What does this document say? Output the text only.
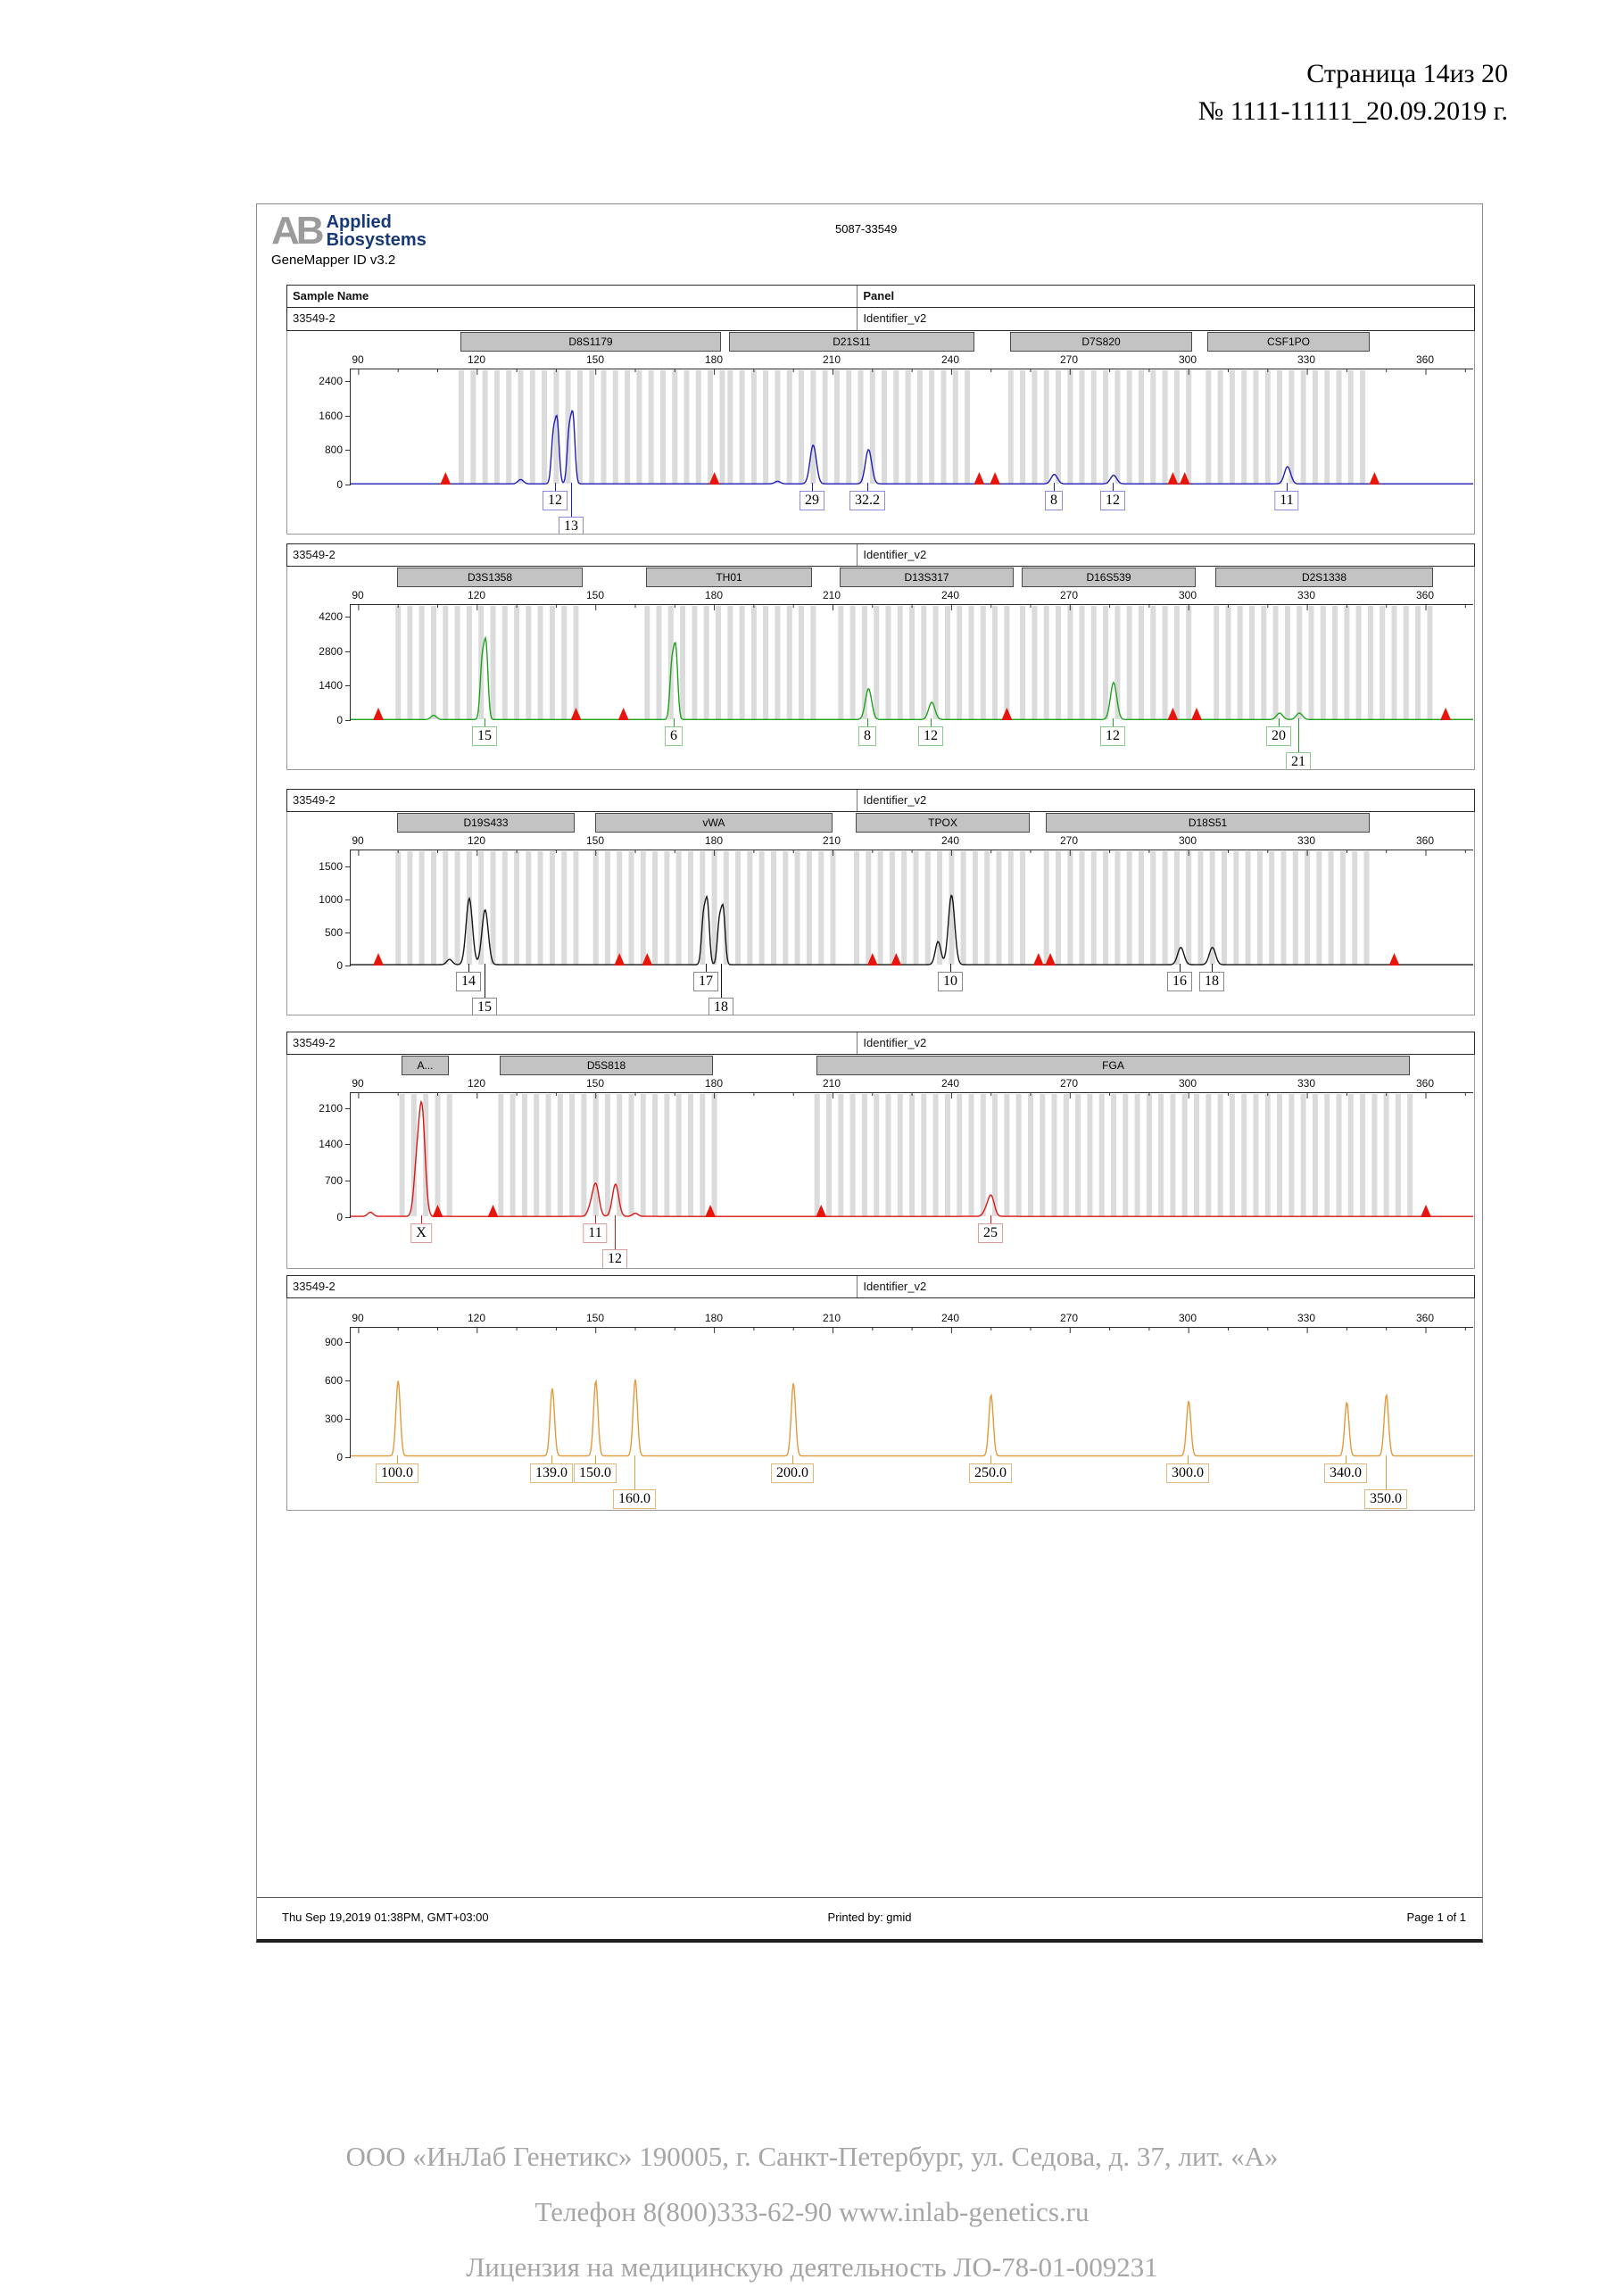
Страница 14из 20
№ 1111-11111_20.09.2019 г.
AB Applied
Biosystems
GeneMapper ID v3.2
5087-33549
Sample Name	Panel
33549-2	Identifier_v2
D8S1179	D21S11	D7S820	CSF1PO
90	120	150	180	210	240	270	300	330	360
0
800
1600
2400
12
13
29	32.2	8	12	11
33549-2	Identifier_v2
D3S1358	TH01	D13S317	D16S539	D2S1338
90	120	150	180	210	240	270	300	330	360
0
1400
2800
4200
15	6	8	12	12	20
21
33549-2	Identifier_v2
D19S433	vWA	TPOX	D18S51
90	120	150	180	210	240	270	300	330	360
0
500
1000
1500
14
15
17
18
10	16	18
33549-2	Identifier_v2
A...	D5S818	FGA
90	120	150	180	210	240	270	300	330	360
0
700
1400
2100
X	11
12
25
33549-2	Identifier_v2
90	120	150	180	210	240	270	300	330	360
0
300
600
900
100.0	139.0 150.0
160.0
200.0	250.0	300.0	340.0
350.0
Thu Sep 19,2019 01:38PM, GMT+03:00	Printed by: gmid	Page 1 of 1
ООО «ИнЛаб Генетикс» 190005, г. Санкт-Петербург, ул. Седова, д. 37, лит. «А»
Телефон 8(800)333-62-90 www.inlab-genetics.ru
Лицензия на медицинскую деятельность ЛО-78-01-009231
